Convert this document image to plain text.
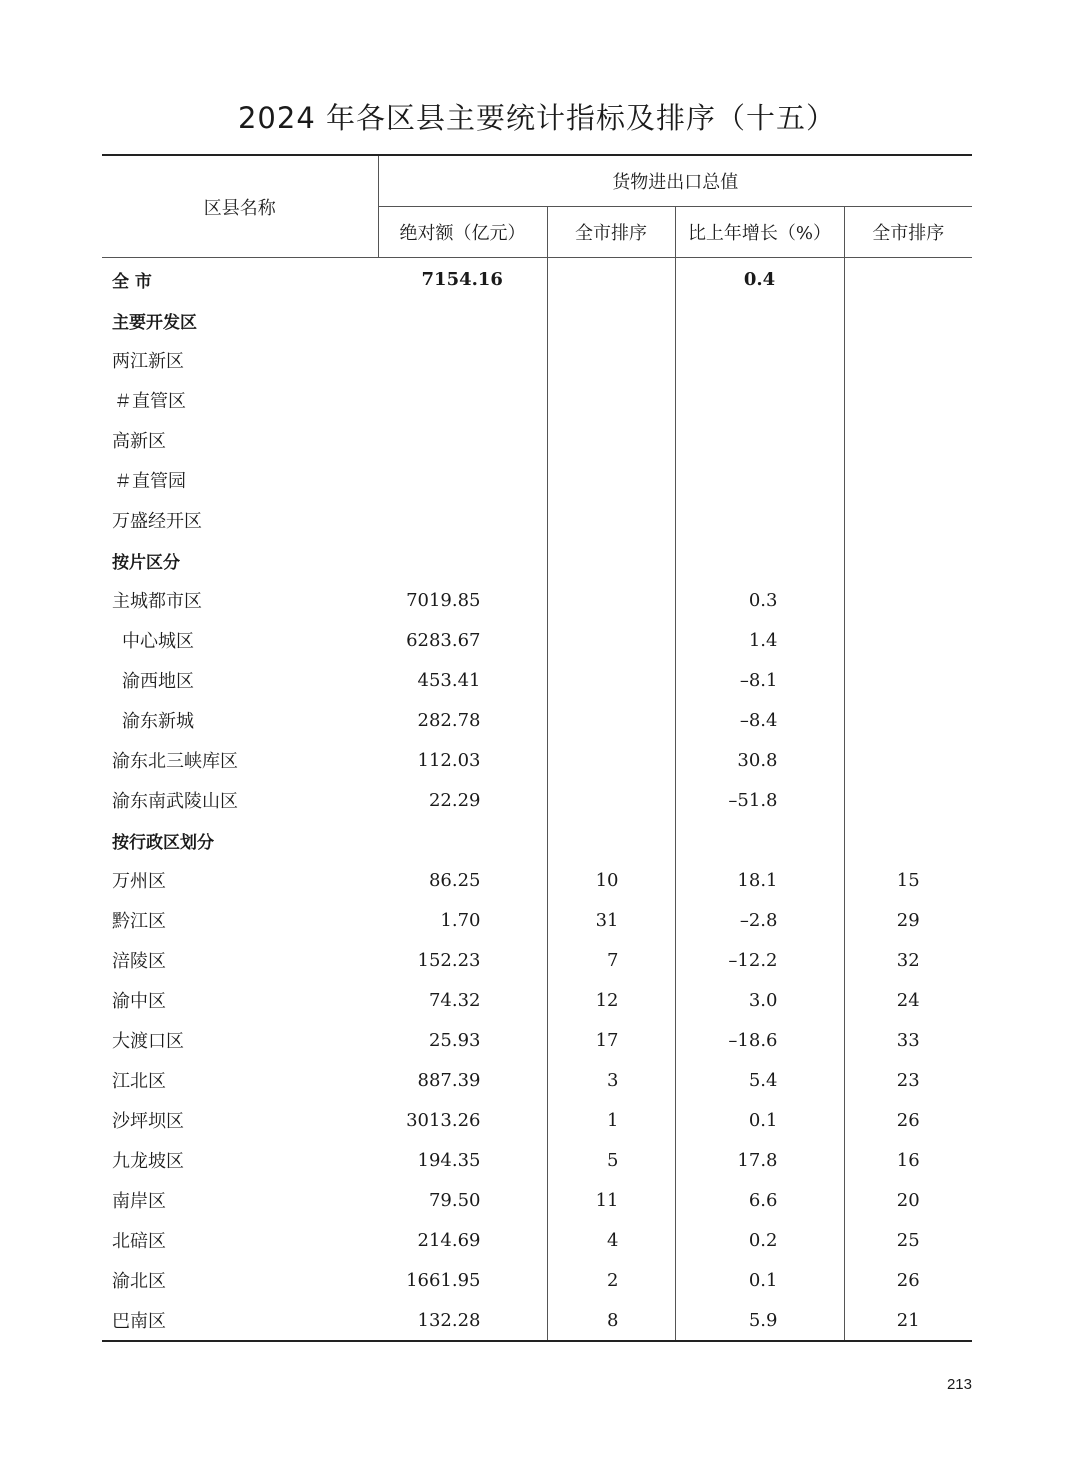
2024 年各区县主要统计指标及排序（十五）
区县名称	货物进出口总值			
	绝对额（亿元）	全市排序	比上年增长（%）	全市排序
全 市	7154.16		0.4	
主要开发区				
两江新区				
＃直管区				
高新区				
＃直管园				
万盛经开区				
按片区分				
主城都市区	7019.85		0.3	
中心城区	6283.67		1.4	
渝西地区	453.41		–8.1	
渝东新城	282.78		–8.4	
渝东北三峡库区	112.03		30.8	
渝东南武陵山区	22.29		–51.8	
按行政区划分				
万州区	86.25	10	18.1	15
黔江区	1.70	31	–2.8	29
涪陵区	152.23	7	–12.2	32
渝中区	74.32	12	3.0	24
大渡口区	25.93	17	–18.6	33
江北区	887.39	3	5.4	23
沙坪坝区	3013.26	1	0.1	26
九龙坡区	194.35	5	17.8	16
南岸区	79.50	11	6.6	20
北碚区	214.69	4	0.2	25
渝北区	1661.95	2	0.1	26
巴南区	132.28	8	5.9	21
213
